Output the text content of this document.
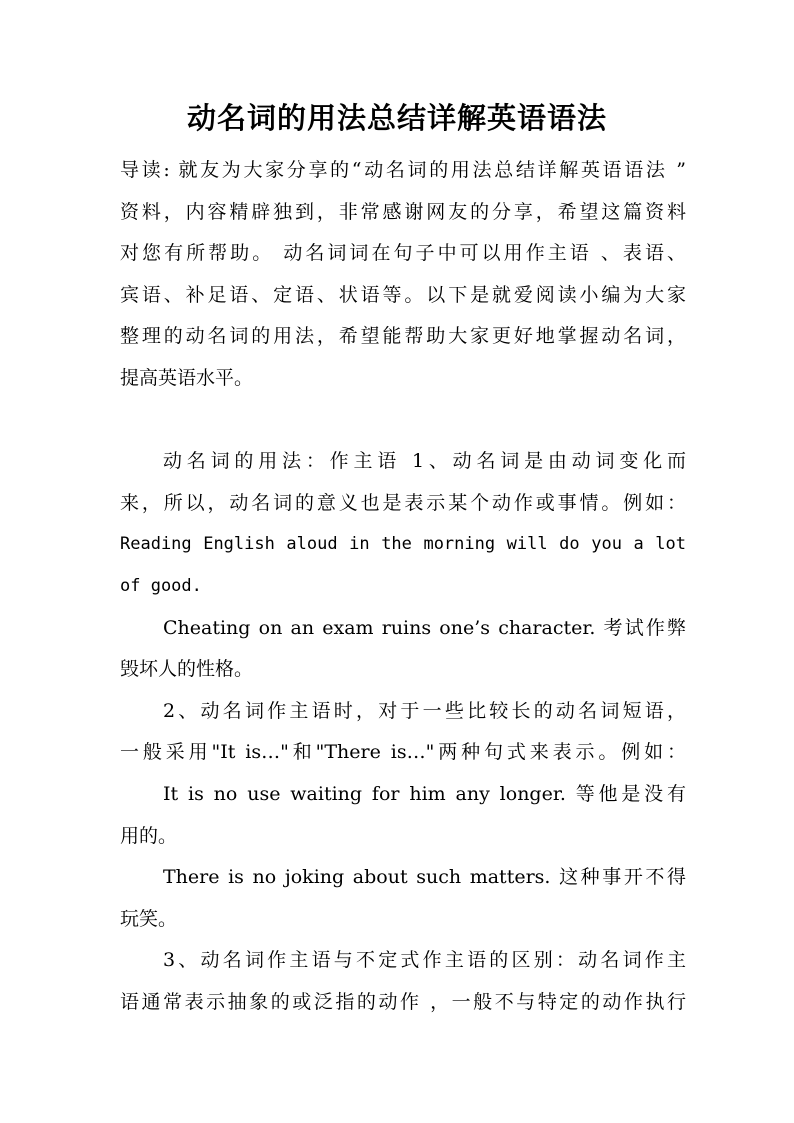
动名词的用法总结详解英语语法
导读: 就友为大家分享的“动名词的用法总结详解英语语法 ”
资料，内容精辟独到，非常感谢网友的分享，希望这篇资料
对您有所帮助。 动名词词在句子中可以用作主语 、表语、
宾语、补足语、定语、状语等。以下是就爱阅读小编为大家
整理的动名词的用法，希望能帮助大家更好地掌握动名词，
提高英语水平。
动名词的用法：作主语 1、动名词是由动词变化而
来，所以，动名词的意义也是表示某个动作或事情。例如：
Reading English aloud in the morning will do you a lot
of good.
Cheating on an exam ruins one’s character. 考试作弊
毁坏人的性格。
2、动名词作主语时，对于一些比较长的动名词短语，
一般采用"It is…"和"There is…"两种句式来表示。例如：
It is no use waiting for him any longer. 等他是没有
用的。
There is no joking about such matters. 这种事开不得
玩笑。
3、动名词作主语与不定式作主语的区别：动名词作主
语通常表示抽象的或泛指的动作 ，一般不与特定的动作执行
